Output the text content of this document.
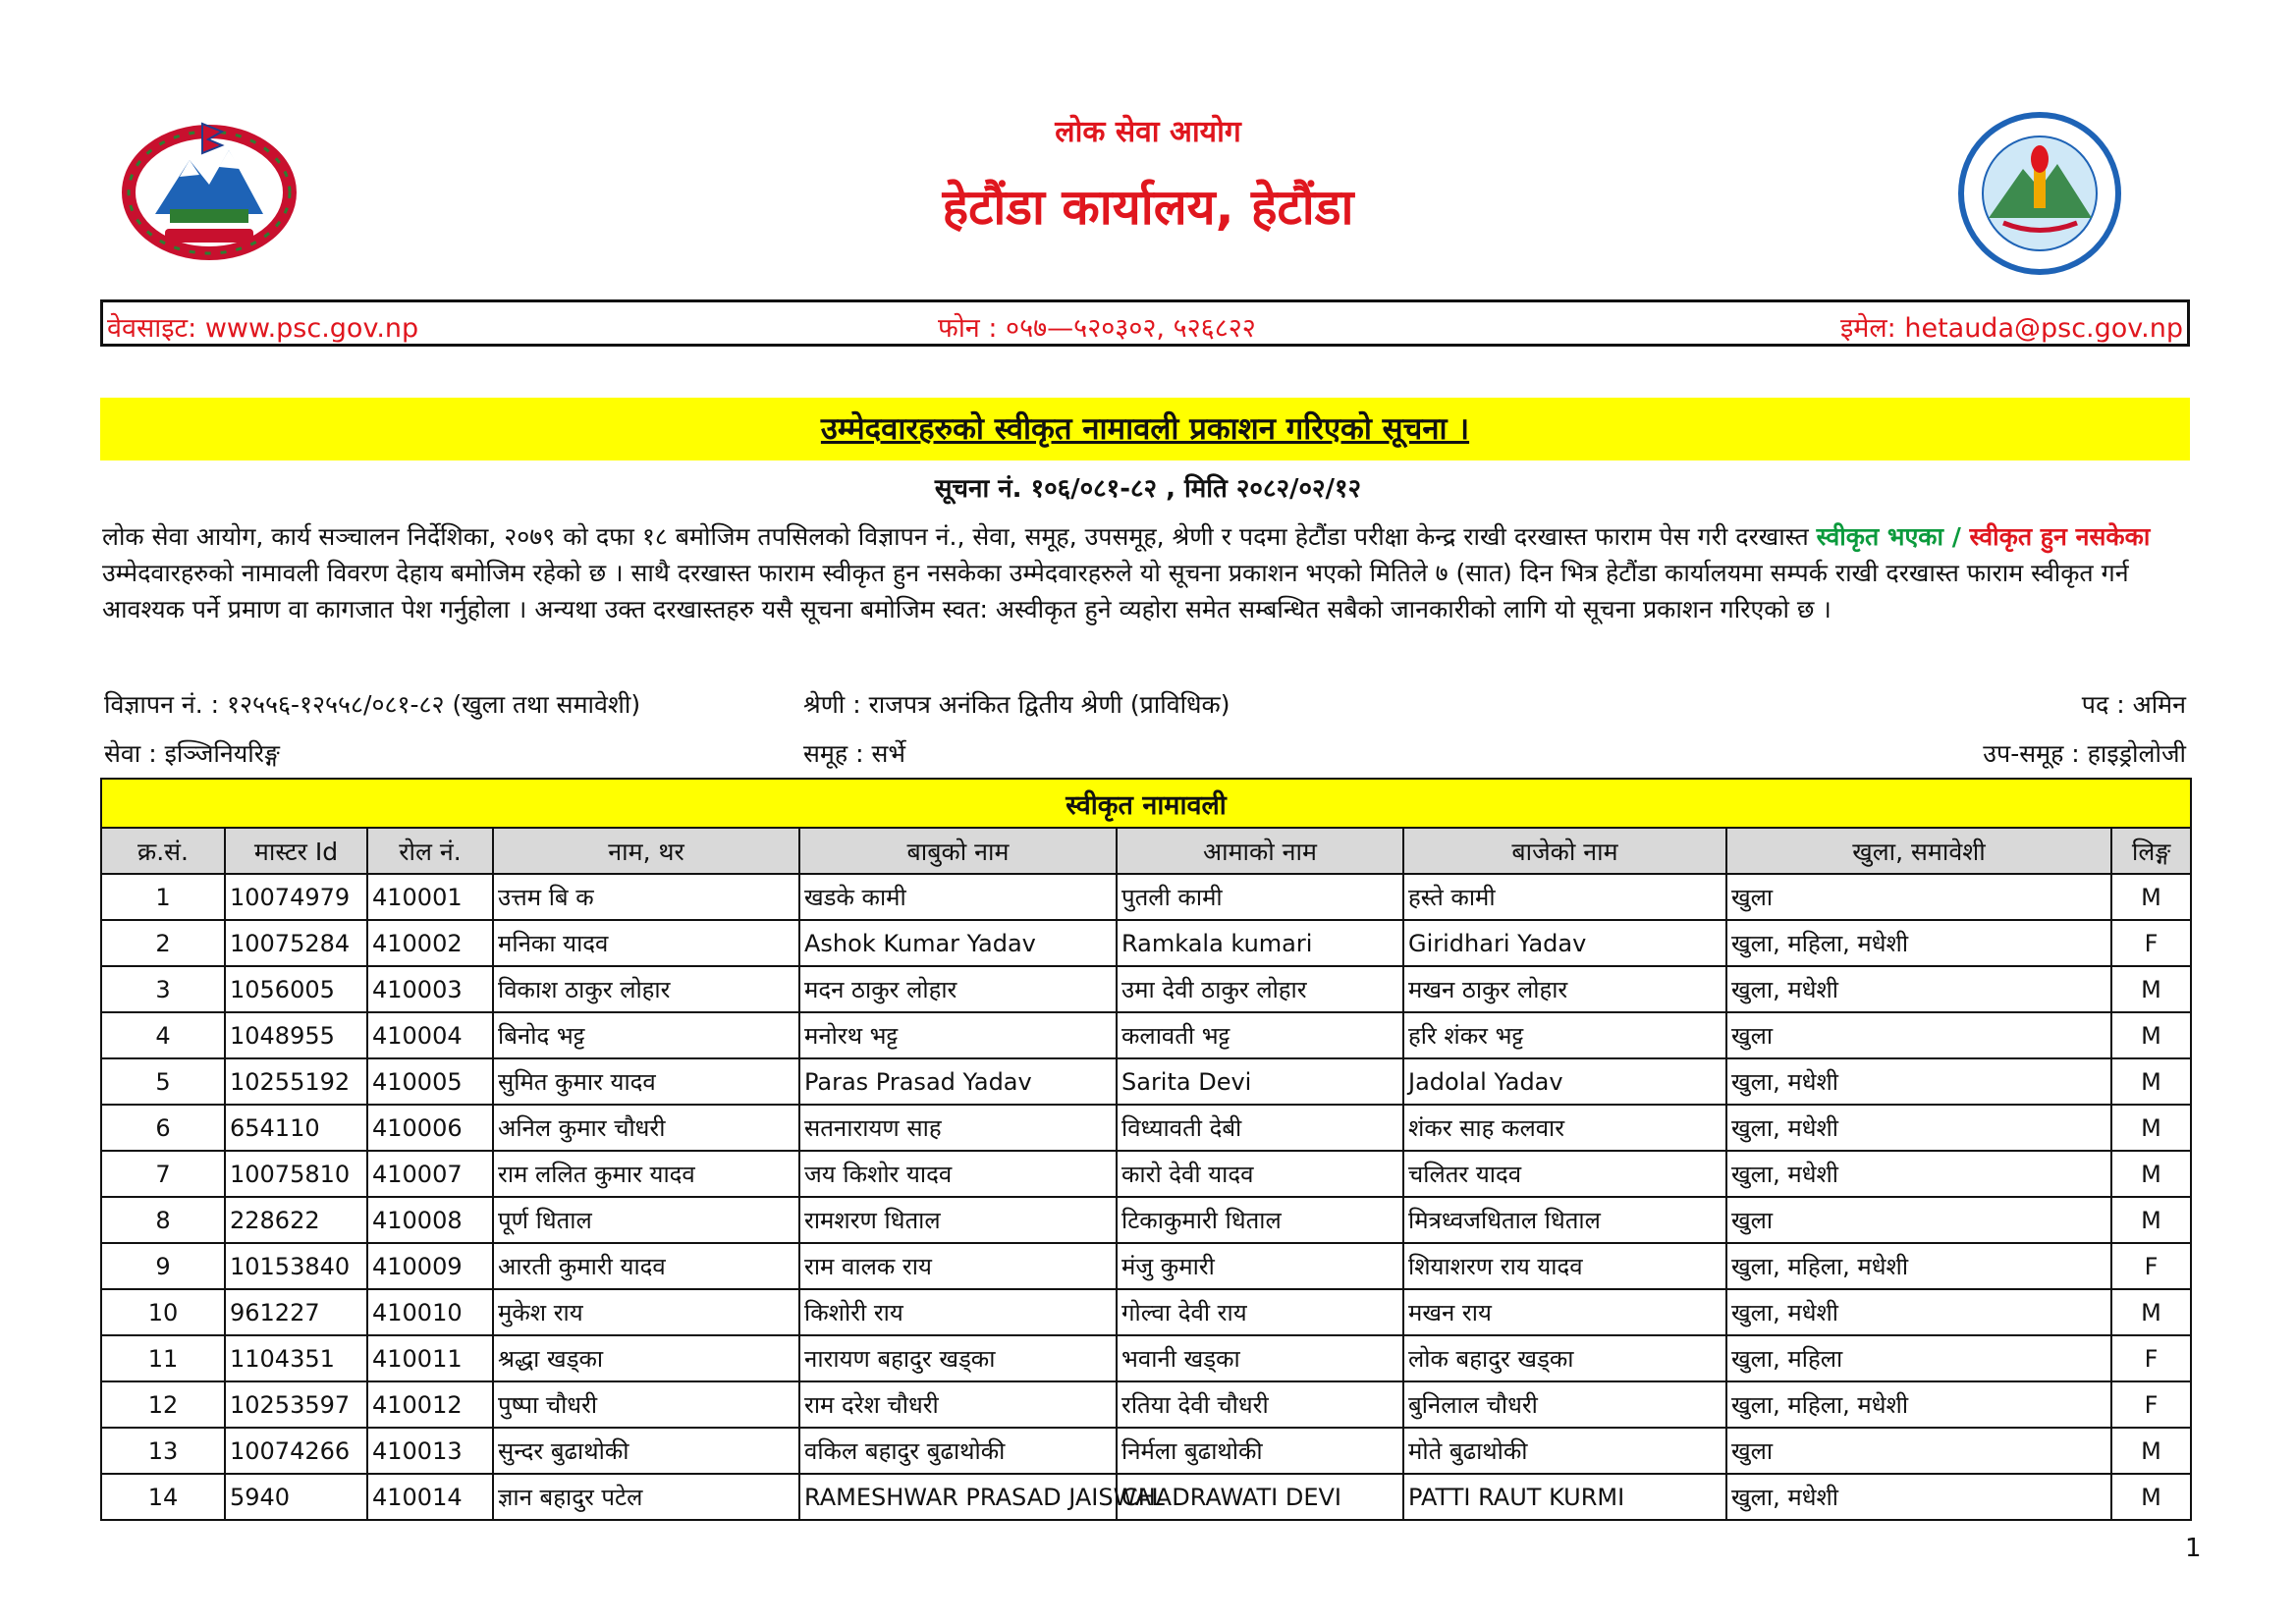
लोक सेवा आयोग
हेटौंडा कार्यालय, हेटौंडा
वेवसाइट: www.psc.gov.np	फोन : ०५७—५२०३०२, ५२६८२२	इमेल: hetauda@psc.gov.np
उम्मेदवारहरुको स्वीकृत नामावली प्रकाशन गरिएको सूचना ।
सूचना नं. १०६/०८१-८२ , मिति २०८२/०२/१२
लोक सेवा आयोग, कार्य सञ्चालन निर्देशिका, २०७९ को दफा १८ बमोजिम तपसिलको विज्ञापन नं., सेवा, समूह, उपसमूह, श्रेणी र पदमा हेटौंडा परीक्षा केन्द्र राखी दरखास्त फाराम पेस गरी दरखास्त स्वीकृत भएका / स्वीकृत हुन नसकेका उम्मेदवारहरुको नामावली विवरण देहाय बमोजिम रहेको छ । साथै दरखास्त फाराम स्वीकृत हुन नसकेका उम्मेदवारहरुले यो सूचना प्रकाशन भएको मितिले ७ (सात) दिन भित्र हेटौंडा कार्यालयमा सम्पर्क राखी दरखास्त फाराम स्वीकृत गर्न आवश्यक पर्ने प्रमाण वा कागजात पेश गर्नुहोला । अन्यथा उक्त दरखास्तहरु यसै सूचना बमोजिम स्वत: अस्वीकृत हुने व्यहोरा समेत सम्बन्धित सबैको जानकारीको लागि यो सूचना प्रकाशन गरिएको छ ।
विज्ञापन नं. : १२५५६-१२५५८/०८१-८२ (खुला तथा समावेशी)	श्रेणी : राजपत्र अनंकित द्वितीय श्रेणी (प्राविधिक)	पद : अमिन
सेवा : इञ्जिनियरिङ्ग	समूह : सर्भे	उप-समूह : हाइड्रोलोजी
स्वीकृत नामावली								
क्र.सं.	मास्टर Id	रोल नं.	नाम, थर	बाबुको नाम	आमाको नाम	बाजेको नाम	खुला, समावेशी	लिङ्ग
1	10074979	410001	उत्तम बि क	खडके कामी	पुतली कामी	हस्ते कामी	खुला	M
2	10075284	410002	मनिका यादव	Ashok Kumar Yadav	Ramkala kumari	Giridhari Yadav	खुला, महिला, मधेशी	F
3	1056005	410003	विकाश ठाकुर लोहार	मदन ठाकुर लोहार	उमा देवी ठाकुर लोहार	मखन ठाकुर लोहार	खुला, मधेशी	M
4	1048955	410004	बिनोद भट्ट	मनोरथ भट्ट	कलावती भट्ट	हरि शंकर भट्ट	खुला	M
5	10255192	410005	सुमित कुमार यादव	Paras Prasad Yadav	Sarita Devi	Jadolal Yadav	खुला, मधेशी	M
6	654110	410006	अनिल कुमार चौधरी	सतनारायण साह	विध्यावती देबी	शंकर साह कलवार	खुला, मधेशी	M
7	10075810	410007	राम ललित कुमार यादव	जय किशोर यादव	कारो देवी यादव	चलितर यादव	खुला, मधेशी	M
8	228622	410008	पूर्ण धिताल	रामशरण धिताल	टिकाकुमारी धिताल	मित्रध्वजधिताल धिताल	खुला	M
9	10153840	410009	आरती कुमारी यादव	राम वालक राय	मंजु कुमारी	शियाशरण राय यादव	खुला, महिला, मधेशी	F
10	961227	410010	मुकेश राय	किशोरी राय	गोल्वा देवी राय	मखन राय	खुला, मधेशी	M
11	1104351	410011	श्रद्धा खड्का	नारायण बहादुर खड्का	भवानी खड्का	लोक बहादुर खड्का	खुला, महिला	F
12	10253597	410012	पुष्पा चौधरी	राम दरेश चौधरी	रतिया देवी चौधरी	बुनिलाल चौधरी	खुला, महिला, मधेशी	F
13	10074266	410013	सुन्दर बुढाथोकी	वकिल बहादुर बुढाथोकी	निर्मला बुढाथोकी	मोते बुढाथोकी	खुला	M
14	5940	410014	ज्ञान बहादुर पटेल	RAMESHWAR PRASAD JAISWAL	CHADRAWATI DEVI	PATTI RAUT KURMI	खुला, मधेशी	M
1
